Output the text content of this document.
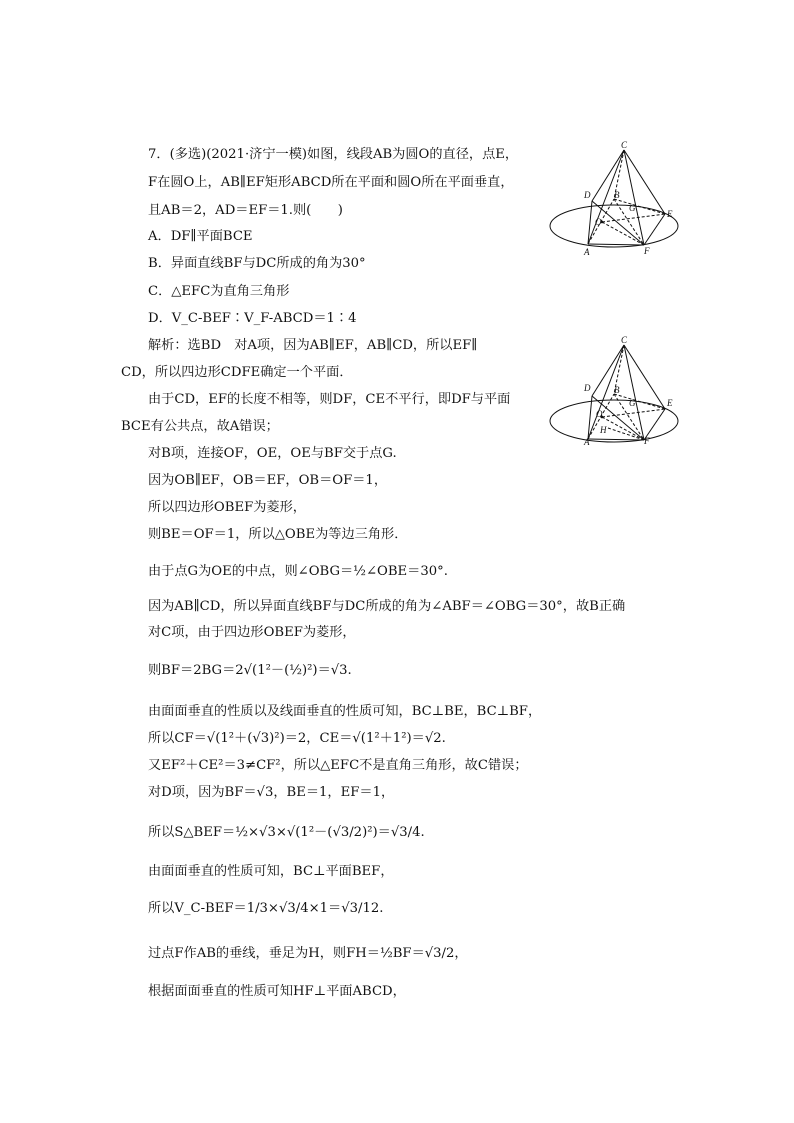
7．(多选)(2021·济宁一模)如图，线段AB为圆O的直径，点E，
F在圆O上，AB∥EF矩形ABCD所在平面和圆O所在平面垂直，
且AB＝2，AD＝EF＝1.则(　　)
A．DF∥平面BCE
B．异面直线BF与DC所成的角为30°
C．△EFC为直角三角形
D．V_C-BEF∶V_F-ABCD＝1∶4
解析：选BD　对A项，因为AB∥EF，AB∥CD，所以EF∥
CD，所以四边形CDFE确定一个平面．
由于CD，EF的长度不相等，则DF，CE不平行，即DF与平面
BCE有公共点，故A错误；
对B项，连接OF，OE，OE与BF交于点G.
因为OB∥EF，OB＝EF，OB＝OF＝1，
所以四边形OBEF为菱形，
则BE＝OF＝1，所以△OBE为等边三角形．
由于点G为OE的中点，则∠OBG＝½∠OBE＝30°.
因为AB∥CD，所以异面直线BF与DC所成的角为∠ABF＝∠OBG＝30°，故B正确
对C项，由于四边形OBEF为菱形，
则BF＝2BG＝2√(1²－(½)²)＝√3.
由面面垂直的性质以及线面垂直的性质可知，BC⊥BE，BC⊥BF，
所以CF＝√(1²＋(√3)²)＝2，CE＝√(1²＋1²)＝√2.
又EF²＋CE²＝3≠CF²，所以△EFC不是直角三角形，故C错误；
对D项，因为BF＝√3，BE＝1，EF＝1，
所以S△BEF＝½×√3×√(1²－(√3/2)²)＝√3/4.
由面面垂直的性质可知，BC⊥平面BEF，
所以V_C-BEF＝1/3×√3/4×1＝√3/12.
过点F作AB的垂线，垂足为H，则FH＝½BF＝√3/2，
根据面面垂直的性质可知HF⊥平面ABCD，
C
D	B
G
O
E
A	F
C
D	B
G
O
E
H
A	F
